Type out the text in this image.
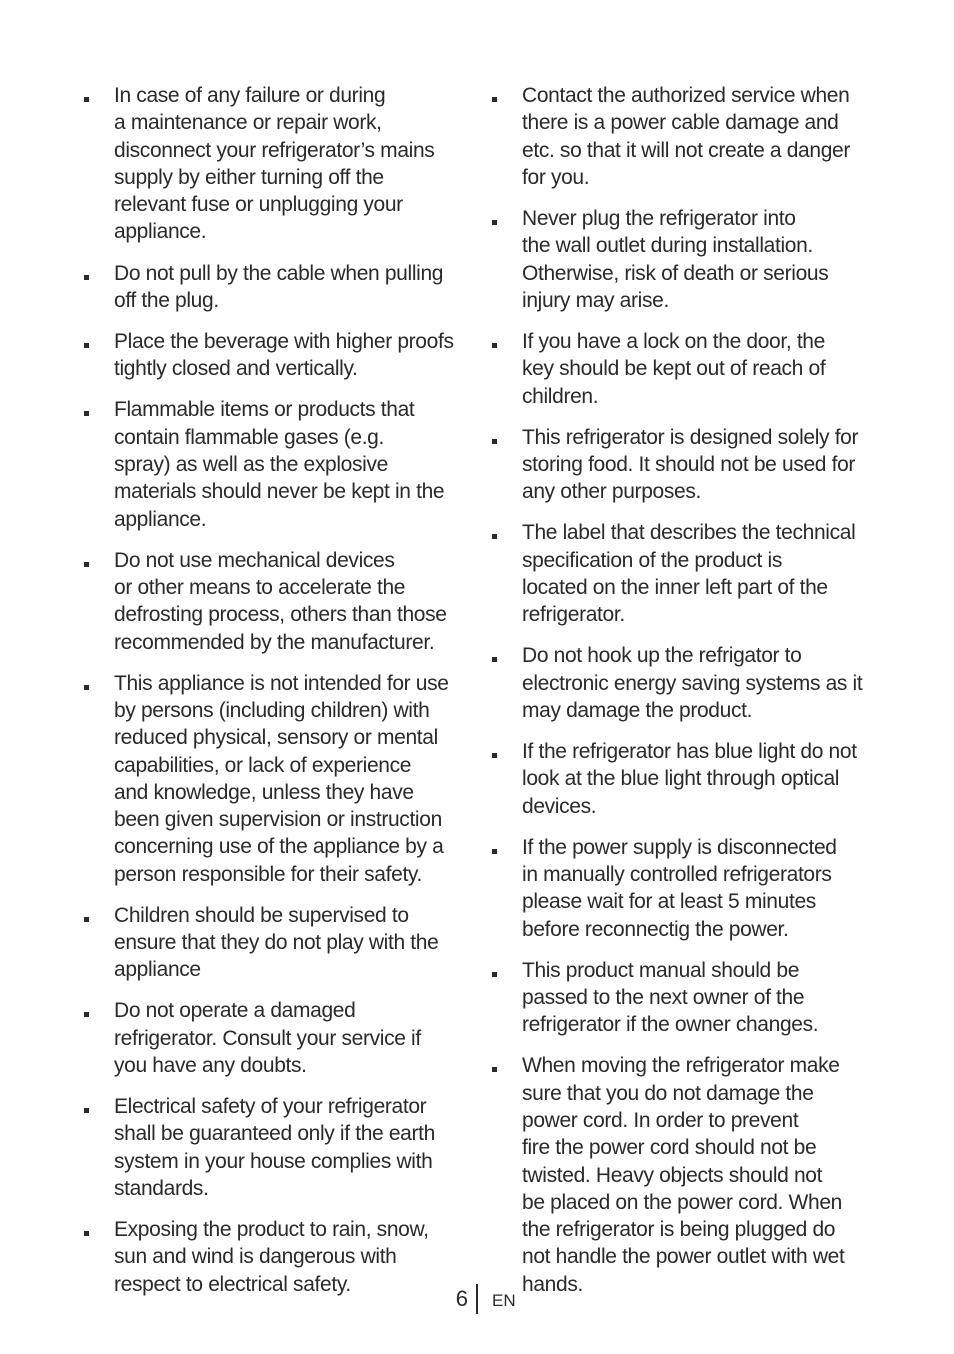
In case of any failure or during
a maintenance or repair work,
disconnect your refrigerator’s mains
supply by either turning off the
relevant fuse or unplugging your
appliance.
Do not pull by the cable when pulling
off the plug.
Place the beverage with higher proofs
tightly closed and vertically.
Flammable items or products that
contain flammable gases (e.g.
spray) as well as the explosive
materials should never be kept in the
appliance.
Do not use mechanical devices
or other means to accelerate the
defrosting process, others than those
recommended by the manufacturer.
This appliance is not intended for use
by persons (including children) with
reduced physical, sensory or mental
capabilities, or lack of experience
and knowledge, unless they have
been given supervision or instruction
concerning use of the appliance by a
person responsible for their safety.
Children should be supervised to
ensure that they do not play with the
appliance
Do not operate a damaged
refrigerator. Consult your service if
you have any doubts.
Electrical safety of your refrigerator
shall be guaranteed only if the earth
system in your house complies with
standards.
Exposing the product to rain, snow,
sun and wind is dangerous with
respect to electrical safety.
Contact the authorized service when
there is a power cable damage and
etc. so that it will not create a danger
for you.
Never plug the refrigerator into
the wall outlet during installation.
Otherwise, risk of death or serious
injury may arise.
If you have a lock on the door, the
key should be kept out of reach of
children.
This refrigerator is designed solely for
storing food. It should not be used for
any other purposes.
The label that describes the technical
specification of the product is
located on the inner left part of the
refrigerator.
Do not hook up the refrigator to
electronic energy saving systems as it
may damage the product.
If the refrigerator has blue light do not
look at the blue light through optical
devices.
If the power supply is disconnected
in manually controlled refrigerators
please wait for at least 5 minutes
before reconnectig the power.
This product manual should be
passed to the next owner of the
refrigerator if the owner changes.
When moving the refrigerator make
sure that you do not damage the
power cord. In order to prevent
fire the power cord should not be
twisted. Heavy objects should not
be placed on the power cord. When
the refrigerator is being plugged do
not handle the power outlet with wet
hands.
6 EN
